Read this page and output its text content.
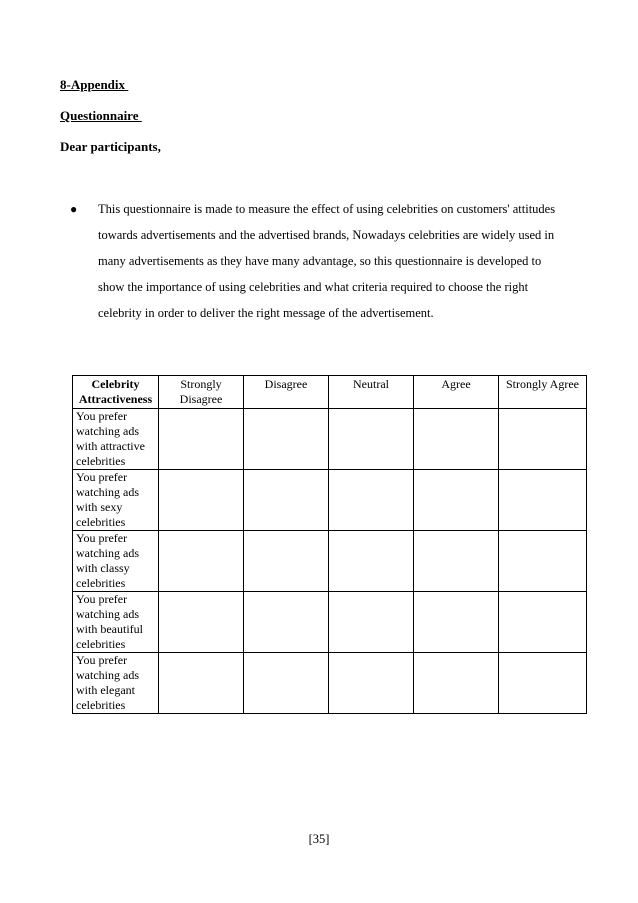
8-Appendix
Questionnaire
Dear participants,
● This questionnaire is made to measure the effect of using celebrities on customers' attitudes
towards advertisements and the advertised brands, Nowadays celebrities are widely used in
many advertisements as they have many advantage, so this questionnaire is developed to
show the importance of using celebrities and what criteria required to choose the right
celebrity in order to deliver the right message of the advertisement.
Celebrity Attractiveness	Strongly Disagree	Disagree	Neutral	Agree	Strongly Agree
You prefer
watching ads
with attractive
celebrities					
You prefer
watching ads
with sexy
celebrities					
You prefer
watching ads
with classy
celebrities					
You prefer
watching ads
with beautiful
celebrities					
You prefer
watching ads
with elegant
celebrities					
[35]
